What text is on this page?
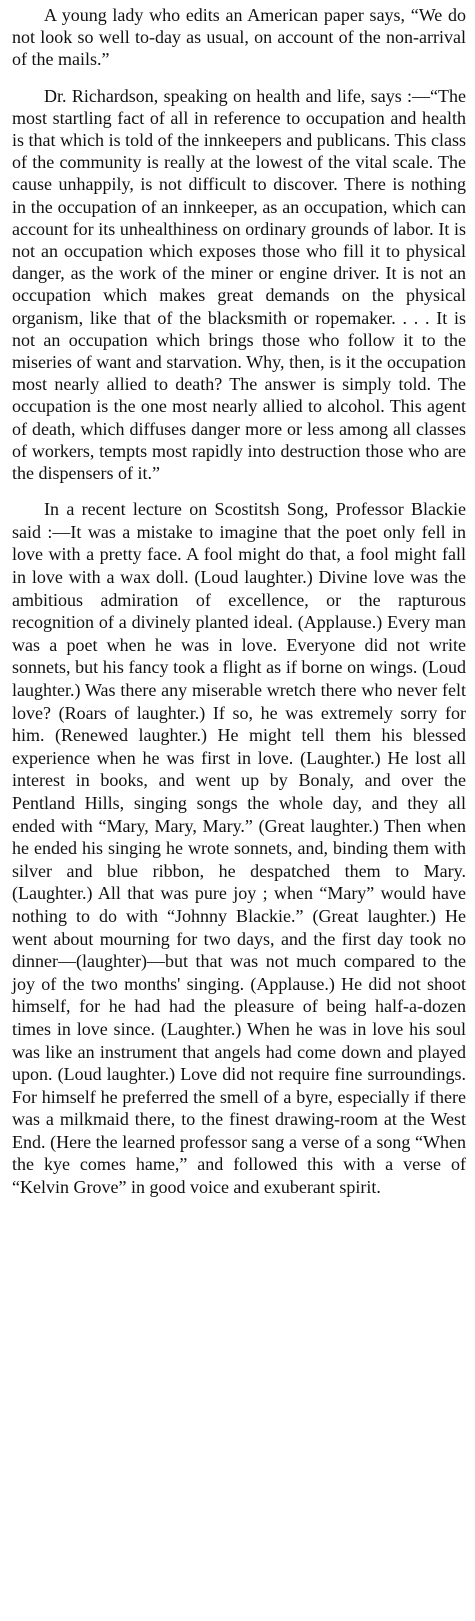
A young lady who edits an American paper says, “We do not look so well to-day as usual, on account of the non-arrival of the mails.”

Dr. Richardson, speaking on health and life, says :—“The most startling fact of all in reference to occupation and health is that which is told of the innkeepers and publicans. This class of the community is really at the lowest of the vital scale. The cause unhappily, is not difficult to discover. There is nothing in the occupation of an innkeeper, as an occupation, which can account for its unhealthiness on ordinary grounds of labor. It is not an occupation which exposes those who fill it to physical danger, as the work of the miner or engine driver. It is not an occupation which makes great demands on the physical organism, like that of the blacksmith or ropemaker. . . . It is not an occupation which brings those who follow it to the miseries of want and starvation. Why, then, is it the occupation most nearly allied to death? The answer is simply told. The occupation is the one most nearly allied to alcohol. This agent of death, which diffuses danger more or less among all classes of workers, tempts most rapidly into destruction those who are the dispensers of it.”

In a recent lecture on Scostitsh Song, Professor Blackie said :—It was a mistake to imagine that the poet only fell in love with a pretty face. A fool might do that, a fool might fall in love with a wax doll. (Loud laughter.) Divine love was the ambitious admiration of excellence, or the rapturous recognition of a divinely planted ideal. (Applause.) Every man was a poet when he was in love. Everyone did not write sonnets, but his fancy took a flight as if borne on wings. (Loud laughter.) Was there any miserable wretch there who never felt love? (Roars of laughter.) If so, he was extremely sorry for him. (Renewed laughter.) He might tell them his blessed experience when he was first in love. (Laughter.) He lost all interest in books, and went up by Bonaly, and over the Pentland Hills, singing songs the whole day, and they all ended with “Mary, Mary, Mary.” (Great laughter.) Then when he ended his singing he wrote sonnets, and, binding them with silver and blue ribbon, he despatched them to Mary. (Laughter.) All that was pure joy ; when “Mary” would have nothing to do with “Johnny Blackie.” (Great laughter.) He went about mourning for two days, and the first day took no dinner—(laughter)—but that was not much compared to the joy of the two months' singing. (Applause.) He did not shoot himself, for he had had the pleasure of being half-a-dozen times in love since. (Laughter.) When he was in love his soul was like an instrument that angels had come down and played upon. (Loud laughter.) Love did not require fine surroundings. For himself he preferred the smell of a byre, especially if there was a milkmaid there, to the finest drawing-room at the West End. (Here the learned professor sang a verse of a song “When the kye comes hame,” and followed this with a verse of “Kelvin Grove” in good voice and exuberant spirit.
